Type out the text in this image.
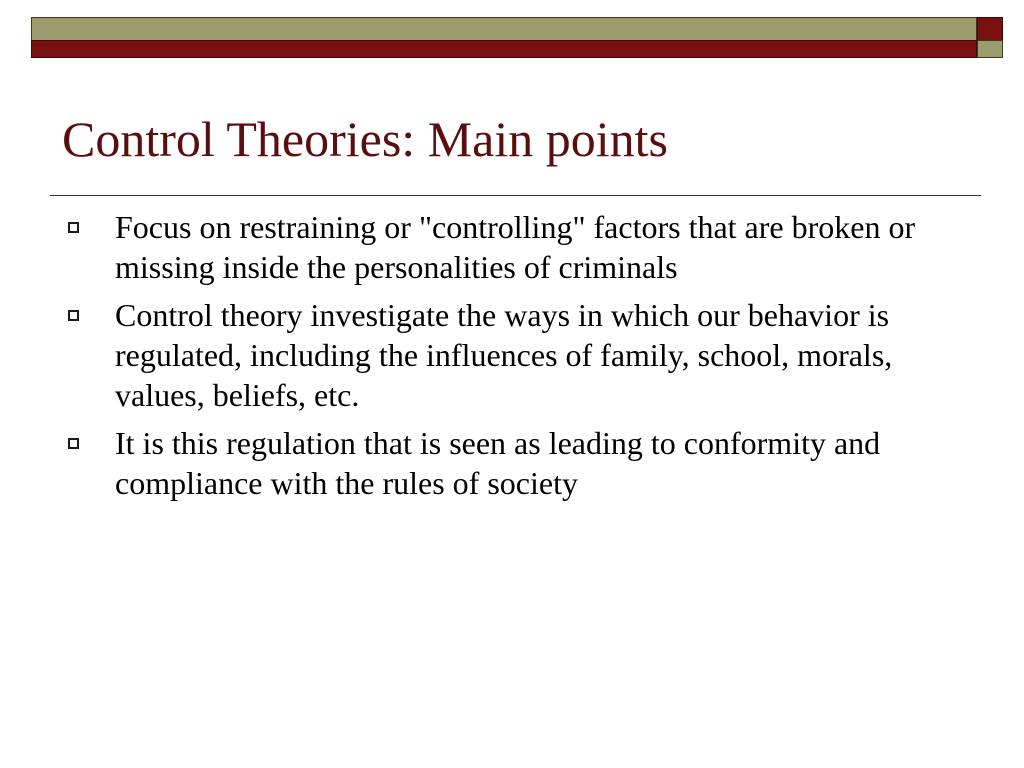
Control Theories: Main points
Focus on restraining or "controlling" factors that are broken or missing inside the personalities of criminals
Control theory investigate the ways in which our behavior is regulated, including the influences of family, school, morals, values, beliefs, etc.
It is this regulation that is seen as leading to conformity and compliance with the rules of society
